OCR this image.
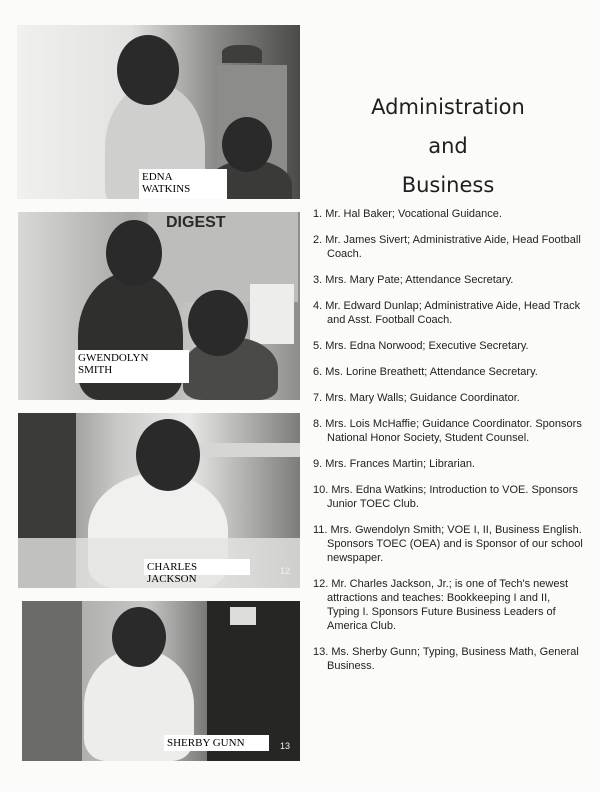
EDNA
WATKINS
DIGEST
GWENDOLYN
SMITH
CHARLES JACKSON
12
SHERBY GUNN	13
Administration
and
Business
1. Mr. Hal Baker; Vocational Guidance.
2. Mr. James Sivert; Administrative Aide, Head Football Coach.
3. Mrs. Mary Pate; Attendance Secretary.
4. Mr. Edward Dunlap; Administrative Aide, Head Track and Asst. Football Coach.
5. Mrs. Edna Norwood; Executive Secretary.
6. Ms. Lorine Breathett; Attendance Secretary.
7. Mrs. Mary Walls; Guidance Coordinator.
8. Mrs. Lois McHaffie; Guidance Coordinator. Sponsors National Honor Society, Student Counsel.
9. Mrs. Frances Martin; Librarian.
10. Mrs. Edna Watkins; Introduction to VOE. Sponsors Junior TOEC Club.
11. Mrs. Gwendolyn Smith; VOE I, II, Business English. Sponsors TOEC (OEA) and is Sponsor of our school newspaper.
12. Mr. Charles Jackson, Jr.; is one of Tech's newest attractions and teaches: Bookkeeping I and II, Typing I. Sponsors Future Business Leaders of America Club.
13. Ms. Sherby Gunn; Typing, Business Math, General Business.
